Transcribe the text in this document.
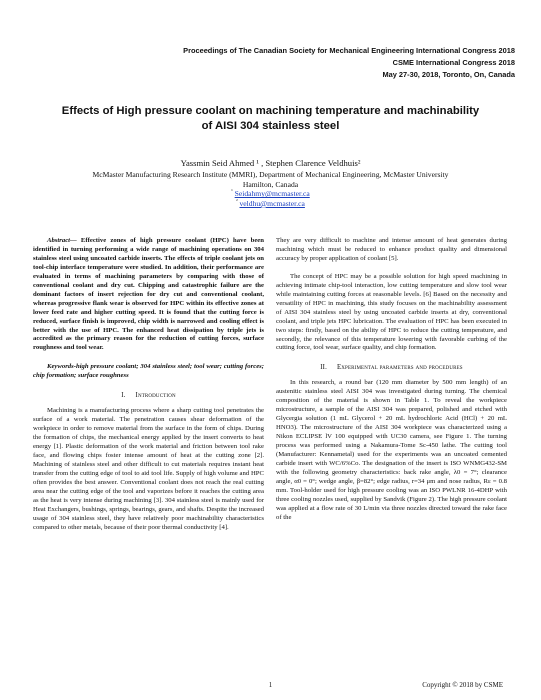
Proceedings of The Canadian Society for Mechanical Engineering International Congress 2018
CSME International Congress 2018
May 27-30, 2018, Toronto, On, Canada
Effects of High pressure coolant on machining temperature and machinability
of AISI 304 stainless steel
Yassmin Seid Ahmed ¹ , Stephen Clarence Veldhuis²
McMaster Manufacturing Research Institute (MMRI), Department of Mechanical Engineering, McMaster University
Hamilton, Canada
$^{^1}$ Seidahmy@mcmaster.ca
$^{^2}$ veldhu@mcmaster.ca

Abstract— Effective zones of high pressure coolant (HPC) have been identified in turning performing a wide range of machining operations on 304 stainless steel using uncoated carbide inserts. The effects of triple coolant jets on tool-chip interface temperature were studied. In addition, their performance are evaluated in terms of machining parameters by comparing with those of conventional coolant and dry cut. Chipping and catastrophic failure are the dominant factors of insert rejection for dry cut and conventional coolant, whereas progressive flank wear is observed for HPC within its effective zones at lower feed rate and higher cutting speed. It is found that the cutting force is reduced, surface finish is improved, chip width is narrowed and cooling effect is better with the use of HPC. The enhanced heat dissipation by triple jets is accredited as the primary reason for the reduction of cutting forces, surface roughness and tool wear.

Keywords-high pressure coolant; 304 stainless steel; tool wear; cutting forces; chip formation; surface roughness

I. Introduction

Machining is a manufacturing process where a sharp cutting tool penetrates the surface of a work material. The penetration causes shear deformation of the workpiece in order to remove material from the surface in the form of chips. During the formation of chips, the mechanical energy applied by the insert converts to heat energy [1]. Plastic deformation of the work material and friction between tool rake face, and flowing chips foster intense amount of heat at the cutting zone [2]. Machining of stainless steel and other difficult to cut materials requires instant heat transfer from the cutting edge of tool to aid tool life. Supply of high volume and HPC often provides the best answer. Conventional coolant does not reach the real cutting area near the cutting edge of the tool and vaporizes before it reaches the cutting area as the heat is very intense during machining [3]. 304 stainless steel is mainly used for Heat Exchangers, bushings, springs, bearings, gears, and shafts. Despite the increased usage of 304 stainless steel, they have relatively poor machinability characteristics compared to other metals, because of their poor thermal conductivity [4].

They are very difficult to machine and intense amount of heat generates during machining which must be reduced to enhance product quality and dimensional accuracy by proper application of coolant [5].

The concept of HPC may be a possible solution for high speed machining in achieving intimate chip-tool interaction, low cutting temperature and slow tool wear while maintaining cutting forces at reasonable levels. [6] Based on the necessity and versatility of HPC in machining, this study focuses on the machinability assessment of AISI 304 stainless steel by using uncoated carbide inserts at dry, conventional coolant, and triple jets HPC lubrication. The evaluation of HPC has been executed in two steps: firstly, based on the ability of HPC to reduce the cutting temperature, and secondly, the relevance of this temperature lowering with favorable curbing of the cutting force, tool wear, surface quality, and chip formation.

II. Experimental parameters and procedures

In this research, a round bar (120 mm diameter by 500 mm length) of an austenitic stainless steel AISI 304 was investigated during turning. The chemical composition of the material is shown in Table 1. To reveal the workpiece microstructure, a sample of the AISI 304 was prepared, polished and etched with Glycergia solution (1 mL Glycerol + 20 mL hydrochloric Acid (HCl) + 20 mL HNO3). The microstructure of the AISI 304 workpiece was characterized using a Nikon ECLIPSE lV 100 equipped with UC30 camera, see Figure 1. The turning process was performed using a Nakamura-Tome Sc-450 lathe. The cutting tool (Manufacturer: Kennametal) used for the experiments was an uncoated cemented carbide insert with WC/6%Co. The designation of the insert is ISO WNMG432-SM with the following geometry characteristics: back rake angle, λ0 = 7°; clearance angle, α0 = 0°; wedge angle, β=82°; edge radius, r=34 μm and nose radius, Rε = 0.8 mm. Tool-holder used for high pressure cooling was an ISO PWLNR 16-4DHP with three cooling nozzles used, supplied by Sandvik (Figure 2). The high pressure coolant was applied at a flow rate of 30 L/min via three nozzles directed toward the rake face of the

1	Copyright © 2018 by CSME
